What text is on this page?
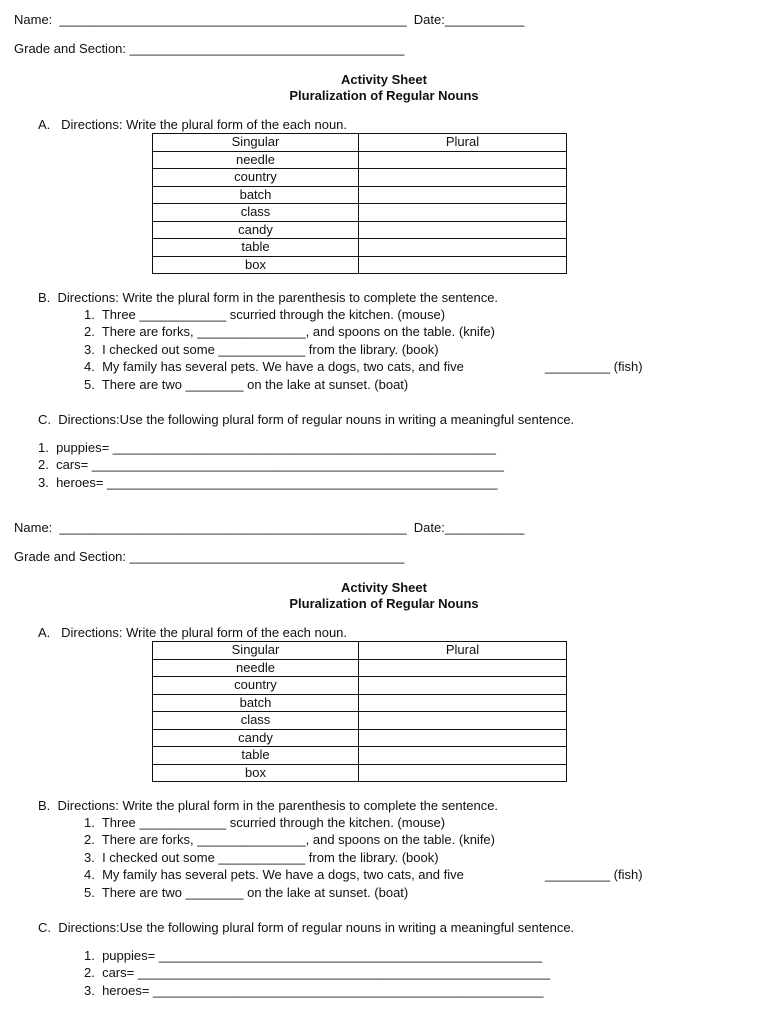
Name:  ________________________________________________  Date:___________
Grade and Section: ______________________________________
Activity Sheet
Pluralization of Regular Nouns
A.   Directions: Write the plural form of the each noun.
Singular	Plural
needle	
country	
batch	
class	
candy	
table	
box	
B.  Directions: Write the plural form in the parenthesis to complete the sentence.
1.  Three ____________ scurried through the kitchen. (mouse)
2.  There are forks, _______________, and spoons on the table. (knife)
3.  I checked out some ____________ from the library. (book)
4.  My family has several pets. We have a dogs, two cats, and five	_________ (fish)
5.  There are two ________ on the lake at sunset. (boat)
C.  Directions:Use the following plural form of regular nouns in writing a meaningful sentence.
1.  puppies= _____________________________________________________
2.  cars= _________________________________________________________
3.  heroes= ______________________________________________________
Name:  ________________________________________________  Date:___________
Grade and Section: ______________________________________
Activity Sheet
Pluralization of Regular Nouns
A.   Directions: Write the plural form of the each noun.
Singular	Plural
needle	
country	
batch	
class	
candy	
table	
box	
B.  Directions: Write the plural form in the parenthesis to complete the sentence.
1.  Three ____________ scurried through the kitchen. (mouse)
2.  There are forks, _______________, and spoons on the table. (knife)
3.  I checked out some ____________ from the library. (book)
4.  My family has several pets. We have a dogs, two cats, and five	_________ (fish)
5.  There are two ________ on the lake at sunset. (boat)
C.  Directions:Use the following plural form of regular nouns in writing a meaningful sentence.
1.  puppies= _____________________________________________________
2.  cars= _________________________________________________________
3.  heroes= ______________________________________________________
